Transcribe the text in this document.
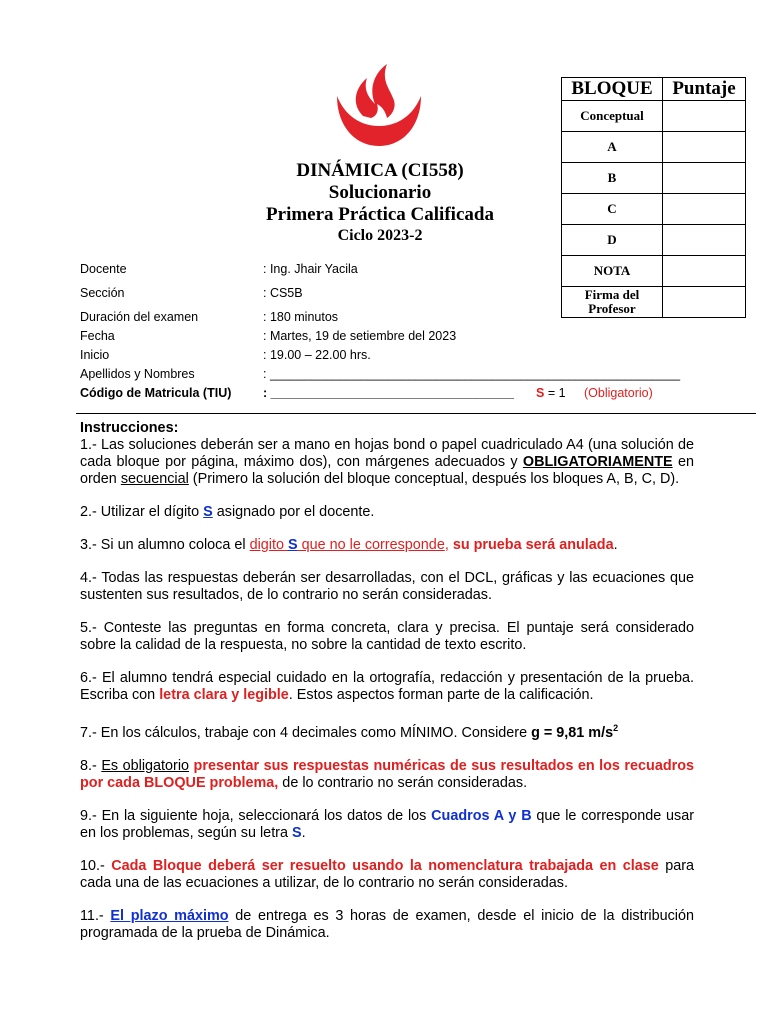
DINÁMICA (CI558)
Solucionario
Primera Práctica Calificada
Ciclo 2023-2
BLOQUE	Puntaje
Conceptual	
A	
B	
C	
D	
NOTA	
Firma del
Profesor	
Docente	: Ing. Jhair Yacila
Sección	: CS5B
Duración del examen	: 180 minutos
Fecha	: Martes, 19 de setiembre del 2023
Inicio	: 19.00 – 22.00 hrs.
Apellidos y Nombres	: ___________________________________________________________
Código de Matricula (TIU)	: ___________________________________ S = 1 (Obligatorio)
Instrucciones:

1.- Las soluciones deberán ser a mano en hojas bond o papel cuadriculado A4 (una solución de cada bloque por página, máximo dos), con márgenes adecuados y OBLIGATORIAMENTE en orden secuencial (Primero la solución del bloque conceptual, después los bloques A, B, C, D).

2.- Utilizar el dígito S asignado por el docente.

3.- Si un alumno coloca el digito S que no le corresponde, su prueba será anulada.

4.- Todas las respuestas deberán ser desarrolladas, con el DCL, gráficas y las ecuaciones que sustenten sus resultados, de lo contrario no serán consideradas.

5.- Conteste las preguntas en forma concreta, clara y precisa. El puntaje será considerado sobre la calidad de la respuesta, no sobre la cantidad de texto escrito.

6.- El alumno tendrá especial cuidado en la ortografía, redacción y presentación de la prueba. Escriba con letra clara y legible. Estos aspectos forman parte de la calificación.

7.- En los cálculos, trabaje con 4 decimales como MÍNIMO. Considere g = 9,81 $m/s^2$

8.- Es obligatorio presentar sus respuestas numéricas de sus resultados en los recuadros por cada BLOQUE problema, de lo contrario no serán consideradas.

9.- En la siguiente hoja, seleccionará los datos de los Cuadros A y B que le corresponde usar en los problemas, según su letra S.

10.- Cada Bloque deberá ser resuelto usando la nomenclatura trabajada en clase para cada una de las ecuaciones a utilizar, de lo contrario no serán consideradas.

11.- El plazo máximo de entrega es 3 horas de examen, desde el inicio de la distribución programada de la prueba de Dinámica.
